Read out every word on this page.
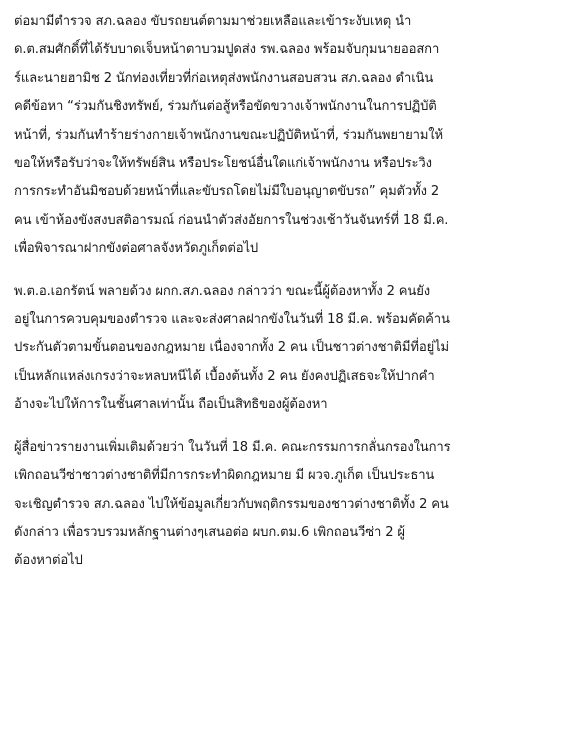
ต่อมามีตำรวจ สภ.ฉลอง ขับรถยนต์ตามมาช่วยเหลือและเข้าระงับเหตุ นำ
ด.ต.สมศักดิ์ที่ได้รับบาดเจ็บหน้าตาบวมปูดส่ง รพ.ฉลอง พร้อมจับกุมนายออสกา
ร์และนายฮามิช 2 นักท่องเที่ยวที่ก่อเหตุส่งพนักงานสอบสวน สภ.ฉลอง ดำเนิน
คดีข้อหา “ร่วมกันชิงทรัพย์, ร่วมกันต่อสู้หรือขัดขวางเจ้าพนักงานในการปฏิบัติ
หน้าที่, ร่วมกันทำร้ายร่างกายเจ้าพนักงานขณะปฏิบัติหน้าที่, ร่วมกันพยายามให้
ขอให้หรือรับว่าจะให้ทรัพย์สิน หรือประโยชน์อื่นใดแก่เจ้าพนักงาน หรือประวิง
การกระทำอันมิชอบด้วยหน้าที่และขับรถโดยไม่มีใบอนุญาตขับรถ” คุมตัวทั้ง 2
คน เข้าห้องขังสงบสติอารมณ์ ก่อนนำตัวส่งอัยการในช่วงเช้าวันจันทร์ที่ 18 มี.ค.
เพื่อพิจารณาฝากขังต่อศาลจังหวัดภูเก็ตต่อไป
พ.ต.อ.เอกรัตน์ พลายด้วง ผกก.สภ.ฉลอง กล่าวว่า ขณะนี้ผู้ต้องหาทั้ง 2 คนยัง
อยู่ในการควบคุมของตำรวจ และจะส่งศาลฝากขังในวันที่ 18 มี.ค. พร้อมคัดค้าน
ประกันตัวตามขั้นตอนของกฎหมาย เนื่องจากทั้ง 2 คน เป็นชาวต่างชาติมีที่อยู่ไม่
เป็นหลักแหล่งเกรงว่าจะหลบหนีได้ เบื้องต้นทั้ง 2 คน ยังคงปฏิเสธจะให้ปากคำ
อ้างจะไปให้การในชั้นศาลเท่านั้น ถือเป็นสิทธิของผู้ต้องหา
ผู้สื่อข่าวรายงานเพิ่มเติมด้วยว่า ในวันที่ 18 มี.ค. คณะกรรมการกลั่นกรองในการ
เพิกถอนวีซ่าชาวต่างชาติที่มีการกระทำผิดกฎหมาย มี ผวจ.ภูเก็ต เป็นประธาน
จะเชิญตำรวจ สภ.ฉลอง ไปให้ข้อมูลเกี่ยวกับพฤติกรรมของชาวต่างชาติทั้ง 2 คน
ดังกล่าว เพื่อรวบรวมหลักฐานต่างๆเสนอต่อ ผบก.ตม.6 เพิกถอนวีซ่า 2 ผู้
ต้องหาต่อไป
